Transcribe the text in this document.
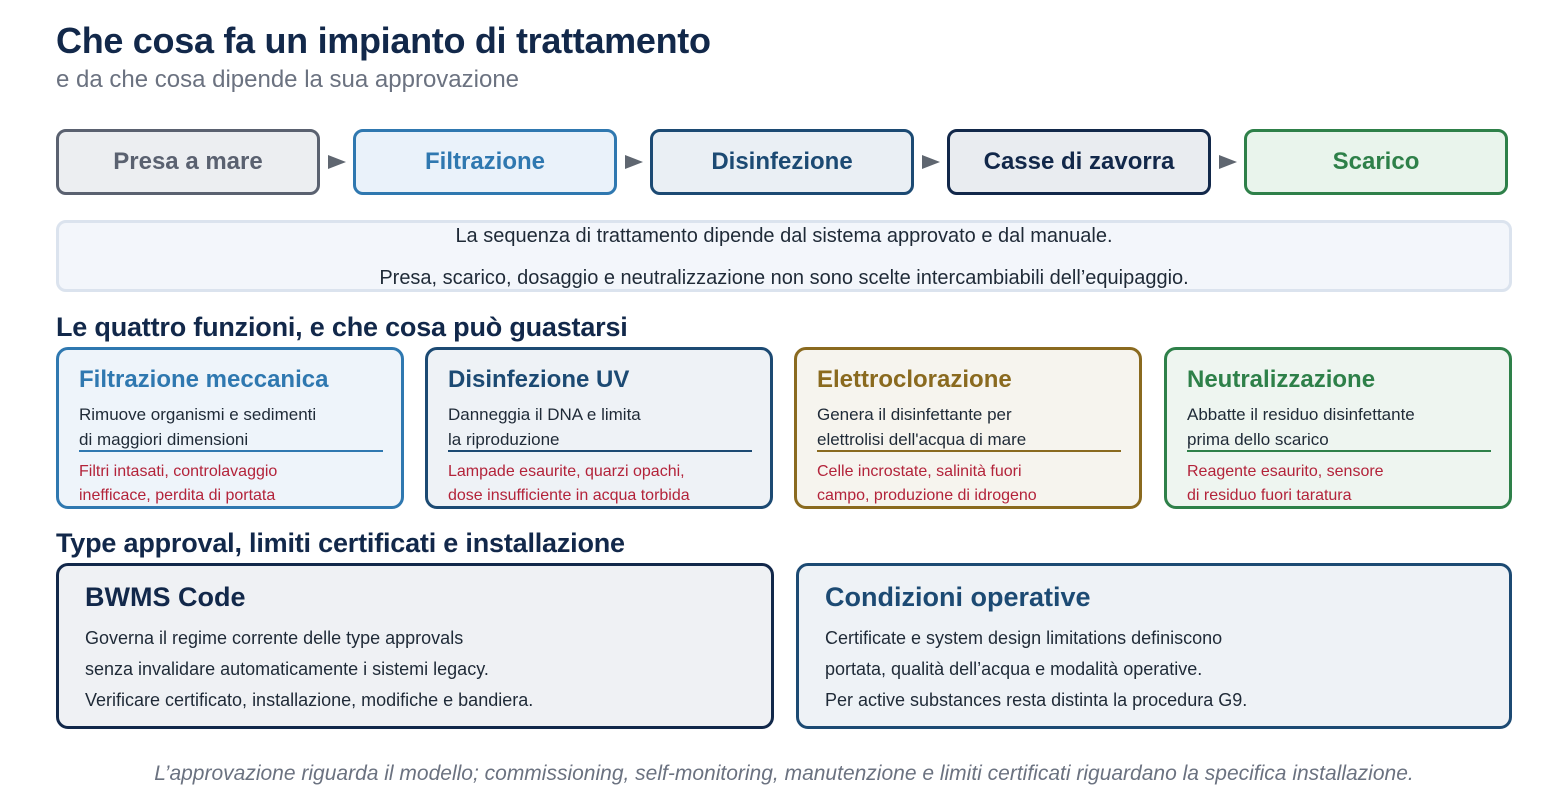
Che cosa fa un impianto di trattamento
e da che cosa dipende la sua approvazione
Presa a mare	Filtrazione	Disinfezione	Casse di zavorra	Scarico
La sequenza di trattamento dipende dal sistema approvato e dal manuale.
Presa, scarico, dosaggio e neutralizzazione non sono scelte intercambiabili dell’equipaggio.
Le quattro funzioni, e che cosa può guastarsi
Filtrazione meccanica
Rimuove organismi e sedimenti
di maggiori dimensioni
Filtri intasati, controlavaggio
inefficace, perdita di portata
Disinfezione UV
Danneggia il DNA e limita
la riproduzione
Lampade esaurite, quarzi opachi,
dose insufficiente in acqua torbida
Elettroclorazione
Genera il disinfettante per
elettrolisi dell'acqua di mare
Celle incrostate, salinità fuori
campo, produzione di idrogeno
Neutralizzazione
Abbatte il residuo disinfettante
prima dello scarico
Reagente esaurito, sensore
di residuo fuori taratura
Type approval, limiti certificati e installazione
BWMS Code
Governa il regime corrente delle type approvals
senza invalidare automaticamente i sistemi legacy.
Verificare certificato, installazione, modifiche e bandiera.
Condizioni operative
Certificate e system design limitations definiscono
portata, qualità dell’acqua e modalità operative.
Per active substances resta distinta la procedura G9.
L’approvazione riguarda il modello; commissioning, self-monitoring, manutenzione e limiti certificati riguardano la specifica installazione.
